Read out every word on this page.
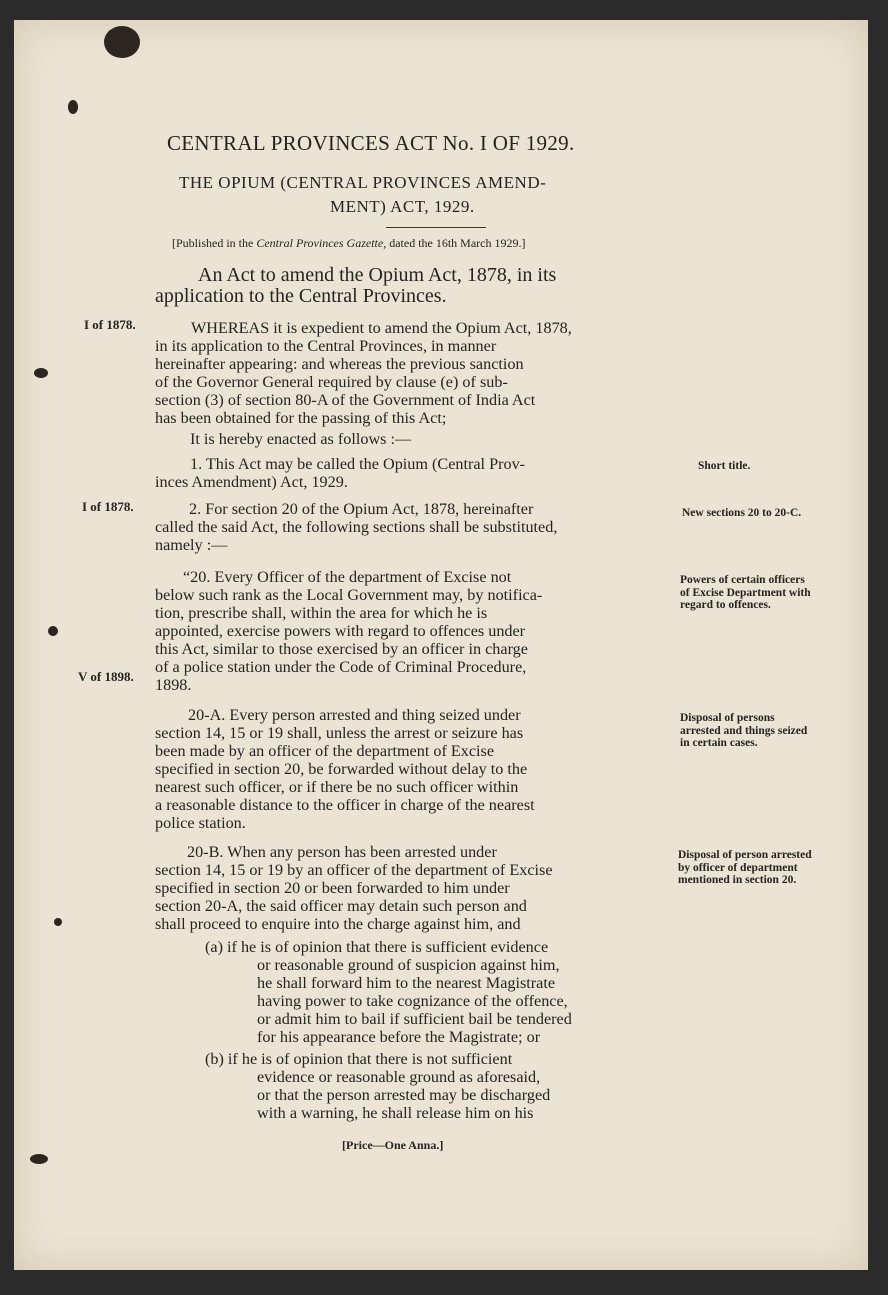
CENTRAL PROVINCES ACT No. I OF 1929.
THE OPIUM (CENTRAL PROVINCES AMEND-
MENT) ACT, 1929.
[Published in the Central Provinces Gazette, dated the 16th March 1929.]
An Act to amend the Opium Act, 1878, in its
application to the Central Provinces.
I of 1878.
I of 1878.
V of 1898.
Short title.
New sections 20 to 20-C.
Powers of certain officers of Excise Department with regard to offences.
Disposal of persons arrested and things seized in certain cases.
Disposal of person arrested by officer of department mentioned in section 20.
WHEREAS it is expedient to amend the Opium Act, 1878,
in its application to the Central Provinces, in manner
hereinafter appearing: and whereas the previous sanction
of the Governor General required by clause (e) of sub-
section (3) of section 80-A of the Government of India Act
has been obtained for the passing of this Act;
It is hereby enacted as follows :—
1. This Act may be called the Opium (Central Prov-
inces Amendment) Act, 1929.
2. For section 20 of the Opium Act, 1878, hereinafter
called the said Act, the following sections shall be substituted,
namely :—
“20. Every Officer of the department of Excise not
below such rank as the Local Government may, by notifica-
tion, prescribe shall, within the area for which he is
appointed, exercise powers with regard to offences under
this Act, similar to those exercised by an officer in charge
of a police station under the Code of Criminal Procedure,
1898.
20-A. Every person arrested and thing seized under
section 14, 15 or 19 shall, unless the arrest or seizure has
been made by an officer of the department of Excise
specified in section 20, be forwarded without delay to the
nearest such officer, or if there be no such officer within
a reasonable distance to the officer in charge of the nearest
police station.
20-B. When any person has been arrested under
section 14, 15 or 19 by an officer of the department of Excise
specified in section 20 or been forwarded to him under
section 20-A, the said officer may detain such person and
shall proceed to enquire into the charge against him, and
(a) if he is of opinion that there is sufficient evidence
or reasonable ground of suspicion against him,
he shall forward him to the nearest Magistrate
having power to take cognizance of the offence,
or admit him to bail if sufficient bail be tendered
for his appearance before the Magistrate; or
(b) if he is of opinion that there is not sufficient
evidence or reasonable ground as aforesaid,
or that the person arrested may be discharged
with a warning, he shall release him on his
[Price—One Anna.]
